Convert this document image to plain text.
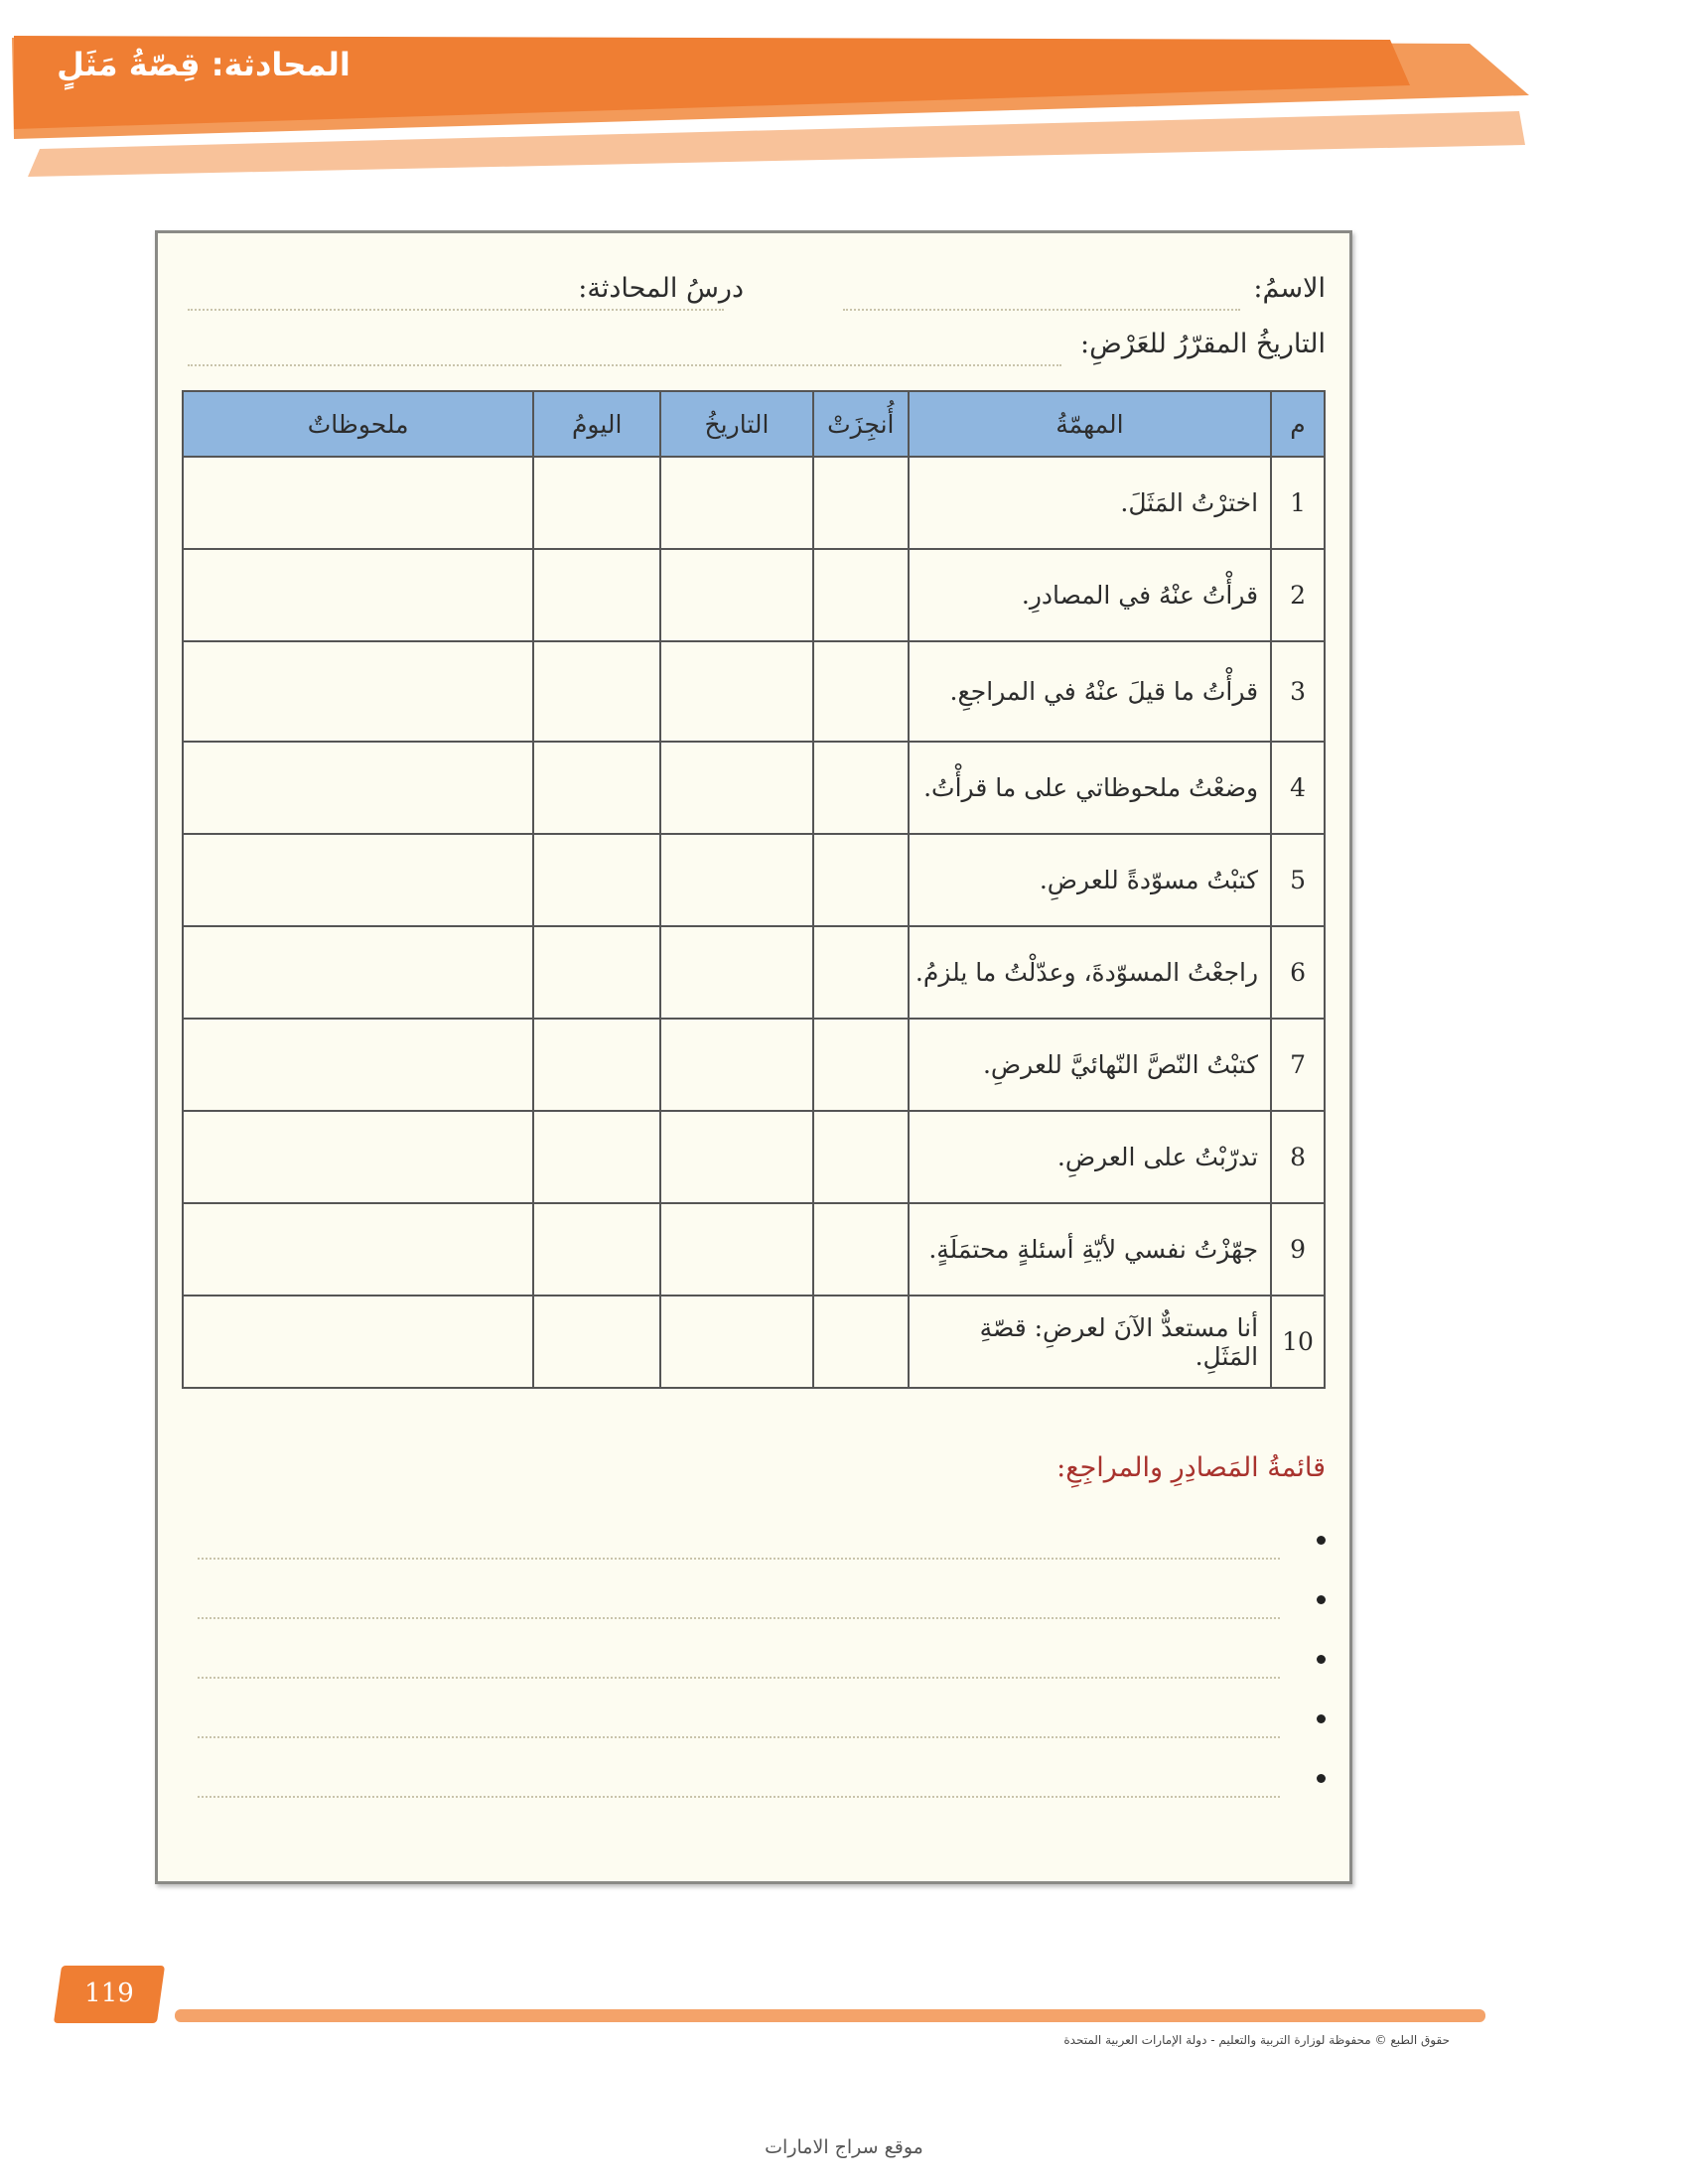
المحادثة: قِصّةُ مَثَلٍ
الاسمُ:
درسُ المحادثة:
التاريخُ المقرّرُ للعَرْضِ:
م	المهمّةُ	أُنجِزَتْ	التاريخُ	اليومُ	ملحوظاتٌ
1	اخترْتُ المَثَلَ.				
2	قرأْتُ عنْهُ في المصادرِ.				
3	قرأْتُ ما قيلَ عنْهُ في المراجعِ.				
4	وضعْتُ ملحوظاتي على ما قرأْتُ.				
5	كتبْتُ مسوّدةً للعرضِ.				
6	راجعْتُ المسوّدةَ، وعدّلْتُ ما يلزمُ.				
7	كتبْتُ النّصَّ النّهائيَّ للعرضِ.				
8	تدرّبْتُ على العرضِ.				
9	جهّزْتُ نفسي لأيّةِ أسئلةٍ محتمَلَةٍ.				
10	أنا مستعدٌّ الآنَ لعرضِ: قصّةِ المَثَلِ.				
قائمةُ المَصادِرِ والمراجِعِ:
119
حقوق الطبع © محفوظة لوزارة التربية والتعليم - دولة الإمارات العربية المتحدة
موقع سراج الامارات
